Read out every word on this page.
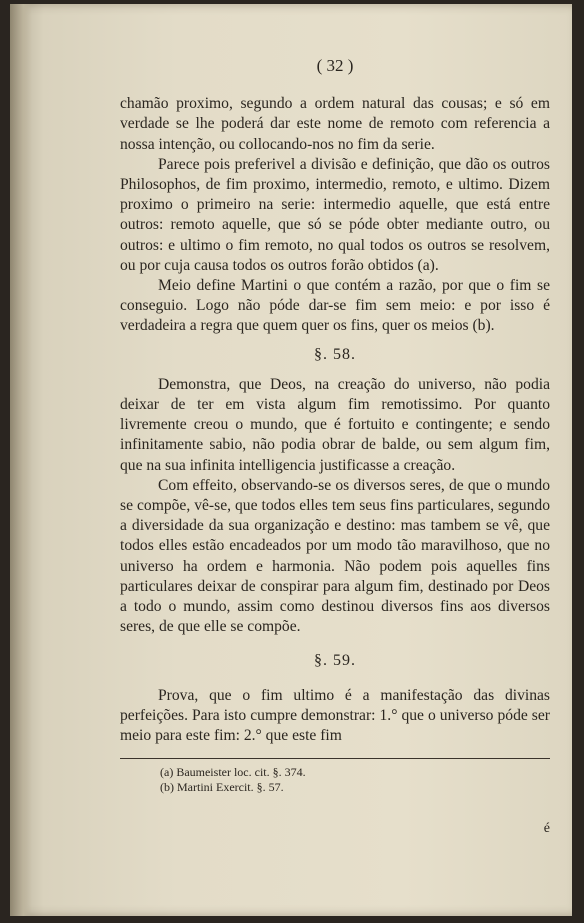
( 32 )

chamão proximo, segundo a ordem natural das cousas; e só em verdade se lhe poderá dar este nome de remoto com referencia a nossa intenção, ou collocando-nos no fim da serie.

Parece pois preferivel a divisão e definição, que dão os outros Philosophos, de fim proximo, intermedio, remoto, e ultimo. Dizem proximo o primeiro na serie: intermedio aquelle, que está entre outros: remoto aquelle, que só se póde obter mediante outro, ou outros: e ultimo o fim remoto, no qual todos os outros se resolvem, ou por cuja causa todos os outros forão obtidos (a).

Meio define Martini o que contém a razão, por que o fim se conseguio. Logo não póde dar-se fim sem meio: e por isso é verdadeira a regra que quem quer os fins, quer os meios (b).

§. 58.

Demonstra, que Deos, na creação do universo, não podia deixar de ter em vista algum fim remotissimo. Por quanto livremente creou o mundo, que é fortuito e contingente; e sendo infinitamente sabio, não podia obrar de balde, ou sem algum fim, que na sua infinita intelligencia justificasse a creação.

Com effeito, observando-se os diversos seres, de que o mundo se compõe, vê-se, que todos elles tem seus fins particulares, segundo a diversidade da sua organização e destino: mas tambem se vê, que todos elles estão encadeados por um modo tão maravilhoso, que no universo ha ordem e harmonia. Não podem pois aquelles fins particulares deixar de conspirar para algum fim, destinado por Deos a todo o mundo, assim como destinou diversos fins aos diversos seres, de que elle se compõe.

§. 59.

Prova, que o fim ultimo é a manifestação das divinas perfeições. Para isto cumpre demonstrar: 1.° que o universo póde ser meio para este fim: 2.° que este fim

(a) Baumeister loc. cit. §. 374.

(b) Martini Exercit. §. 57.

é
